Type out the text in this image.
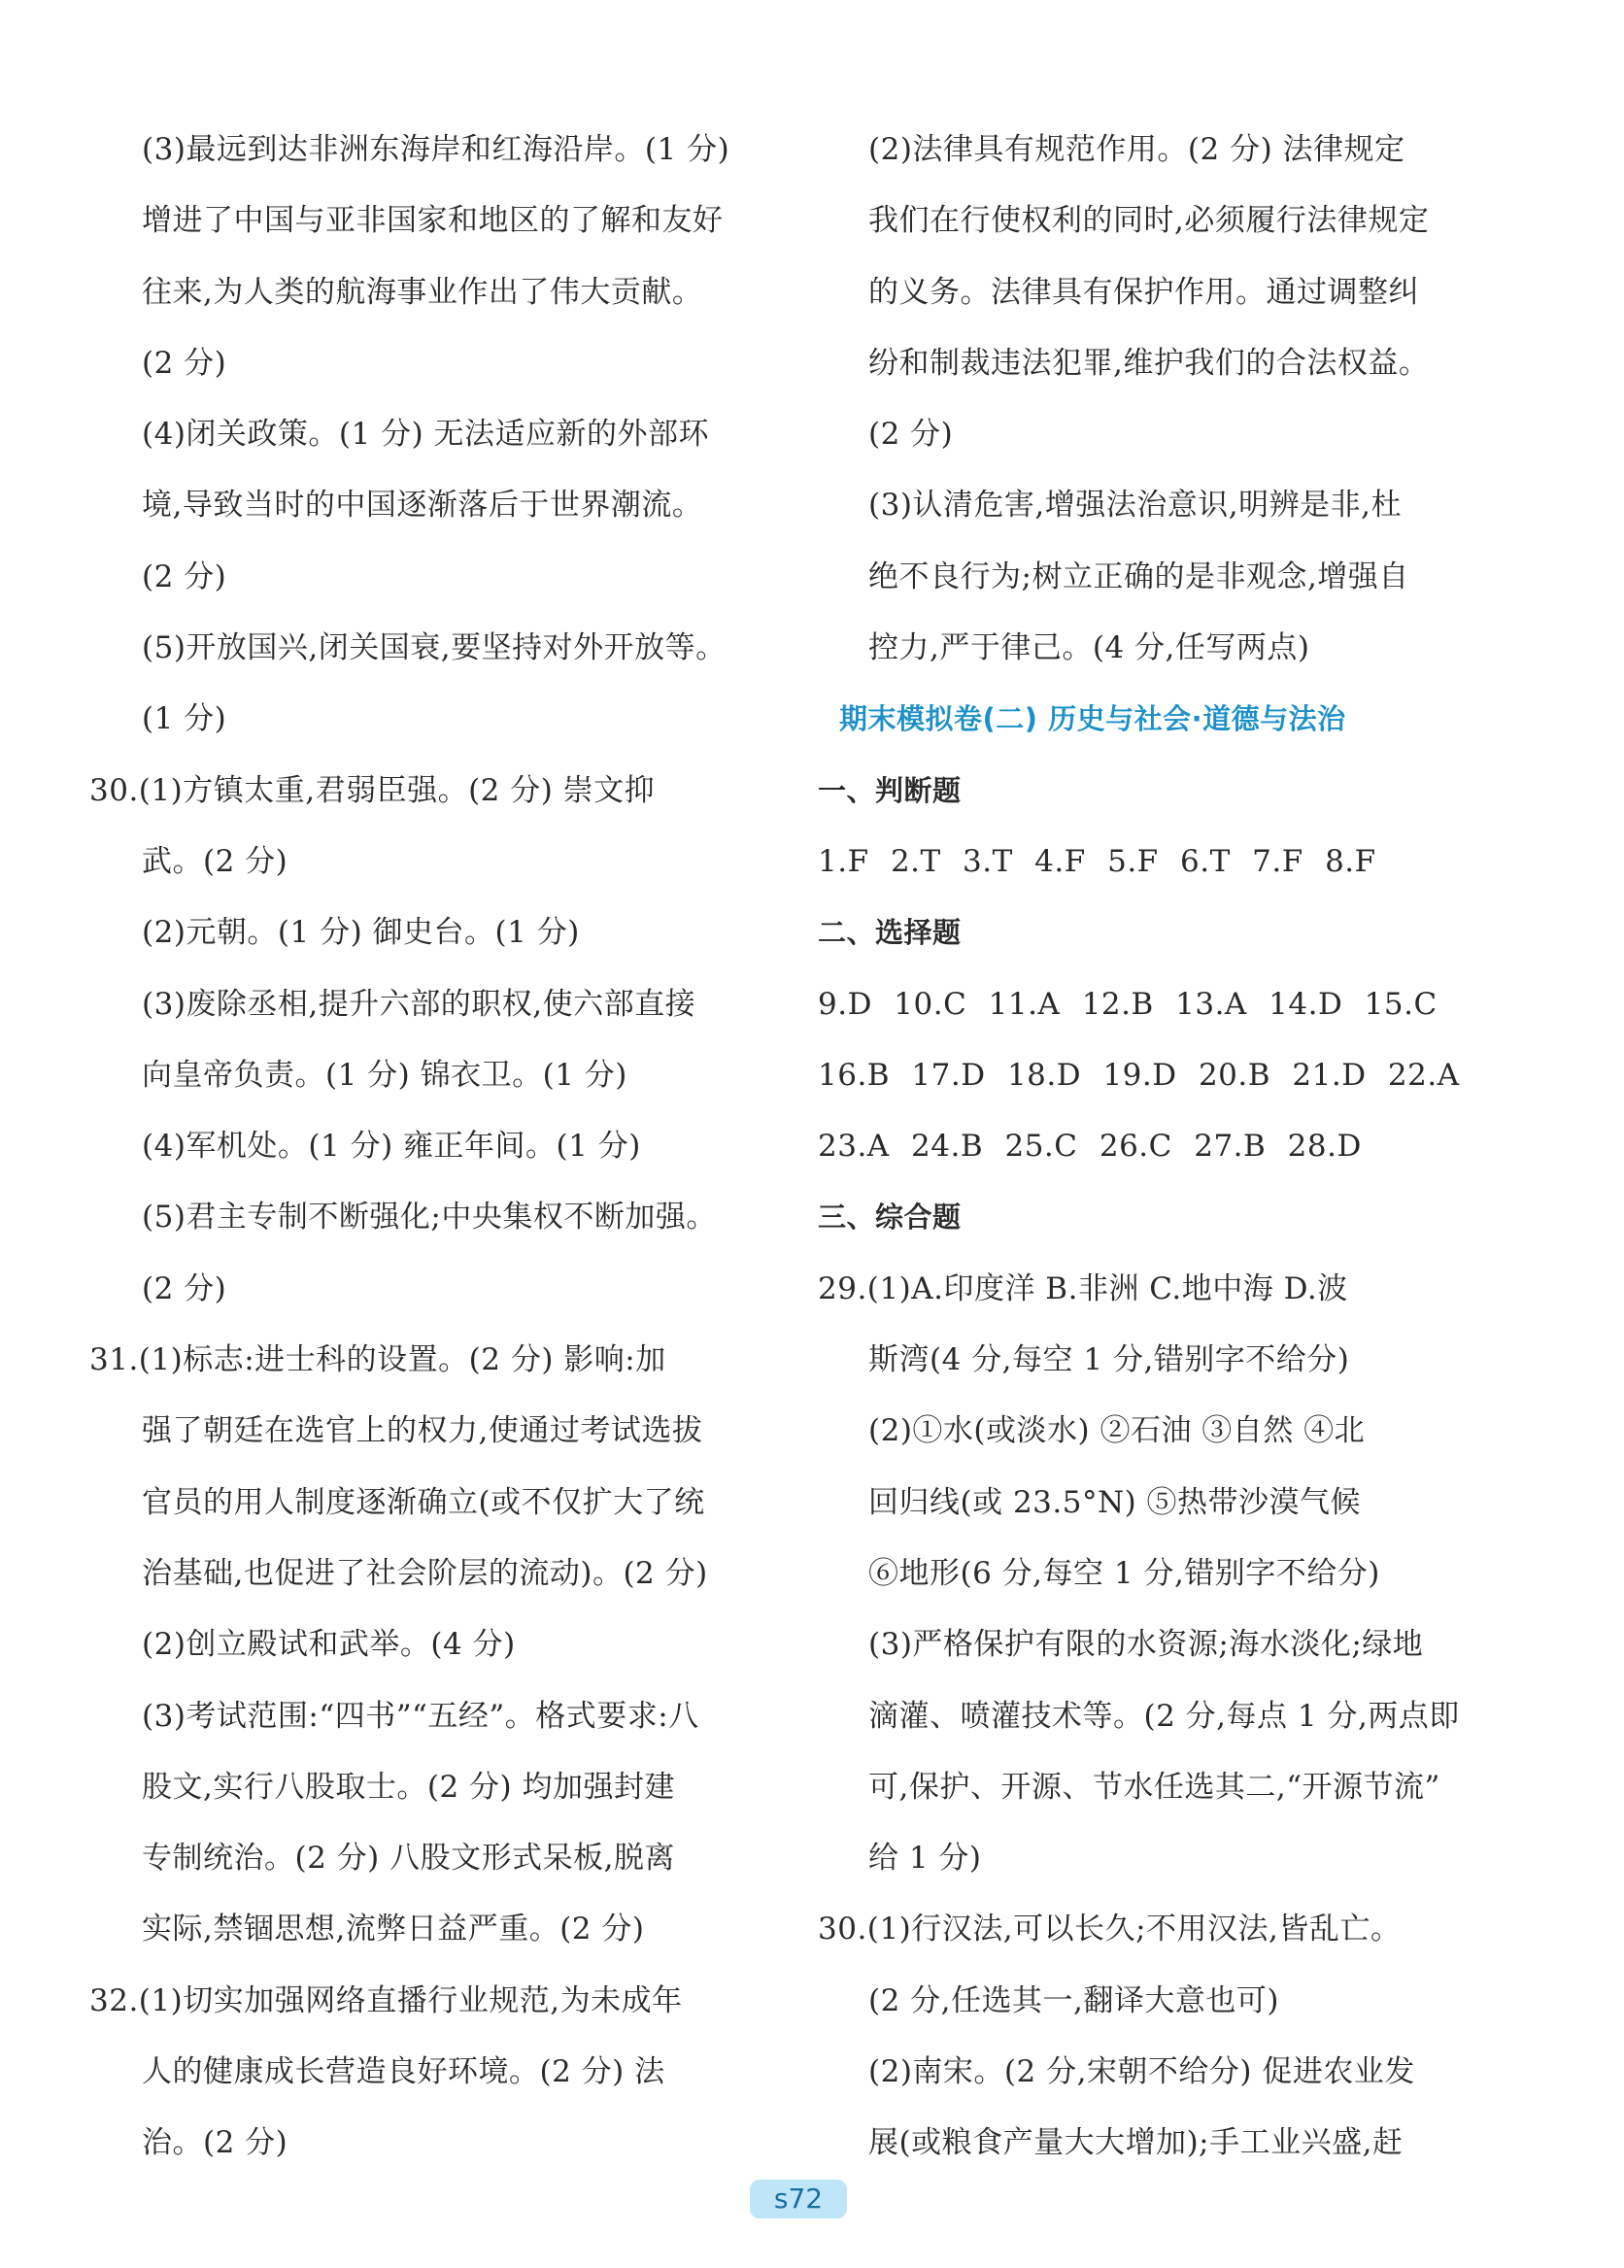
(3)最远到达非洲东海岸和红海沿岸。(1 分)
增进了中国与亚非国家和地区的了解和友好
往来,为人类的航海事业作出了伟大贡献。
(2 分)
(4)闭关政策。(1 分) 无法适应新的外部环
境,导致当时的中国逐渐落后于世界潮流。
(2 分)
(5)开放国兴,闭关国衰,要坚持对外开放等。
(1 分)
30.(1)方镇太重,君弱臣强。(2 分) 崇文抑
武。(2 分)
(2)元朝。(1 分) 御史台。(1 分)
(3)废除丞相,提升六部的职权,使六部直接
向皇帝负责。(1 分) 锦衣卫。(1 分)
(4)军机处。(1 分) 雍正年间。(1 分)
(5)君主专制不断强化;中央集权不断加强。
(2 分)
31.(1)标志:进士科的设置。(2 分) 影响:加
强了朝廷在选官上的权力,使通过考试选拔
官员的用人制度逐渐确立(或不仅扩大了统
治基础,也促进了社会阶层的流动)。(2 分)
(2)创立殿试和武举。(4 分)
(3)考试范围:“四书”“五经”。格式要求:八
股文,实行八股取士。(2 分) 均加强封建
专制统治。(2 分) 八股文形式呆板,脱离
实际,禁锢思想,流弊日益严重。(2 分)
32.(1)切实加强网络直播行业规范,为未成年
人的健康成长营造良好环境。(2 分) 法
治。(2 分)
(2)法律具有规范作用。(2 分) 法律规定
我们在行使权利的同时,必须履行法律规定
的义务。法律具有保护作用。通过调整纠
纷和制裁违法犯罪,维护我们的合法权益。
(2 分)
(3)认清危害,增强法治意识,明辨是非,杜
绝不良行为;树立正确的是非观念,增强自
控力,严于律己。(4 分,任写两点)
期末模拟卷(二) 历史与社会·道德与法治
一、判断题
1.F 2.T 3.T 4.F 5.F 6.T 7.F 8.F
二、选择题
9.D 10.C 11.A 12.B 13.A 14.D 15.C
16.B 17.D 18.D 19.D 20.B 21.D 22.A
23.A 24.B 25.C 26.C 27.B 28.D
三、综合题
29.(1)A.印度洋 B.非洲 C.地中海 D.波
斯湾(4 分,每空 1 分,错别字不给分)
(2)①水(或淡水) ②石油 ③自然 ④北
回归线(或 23.5°N) ⑤热带沙漠气候
⑥地形(6 分,每空 1 分,错别字不给分)
(3)严格保护有限的水资源;海水淡化;绿地
滴灌、喷灌技术等。(2 分,每点 1 分,两点即
可,保护、开源、节水任选其二,“开源节流”
给 1 分)
30.(1)行汉法,可以长久;不用汉法,皆乱亡。
(2 分,任选其一,翻译大意也可)
(2)南宋。(2 分,宋朝不给分) 促进农业发
展(或粮食产量大大增加);手工业兴盛,赶
s72
